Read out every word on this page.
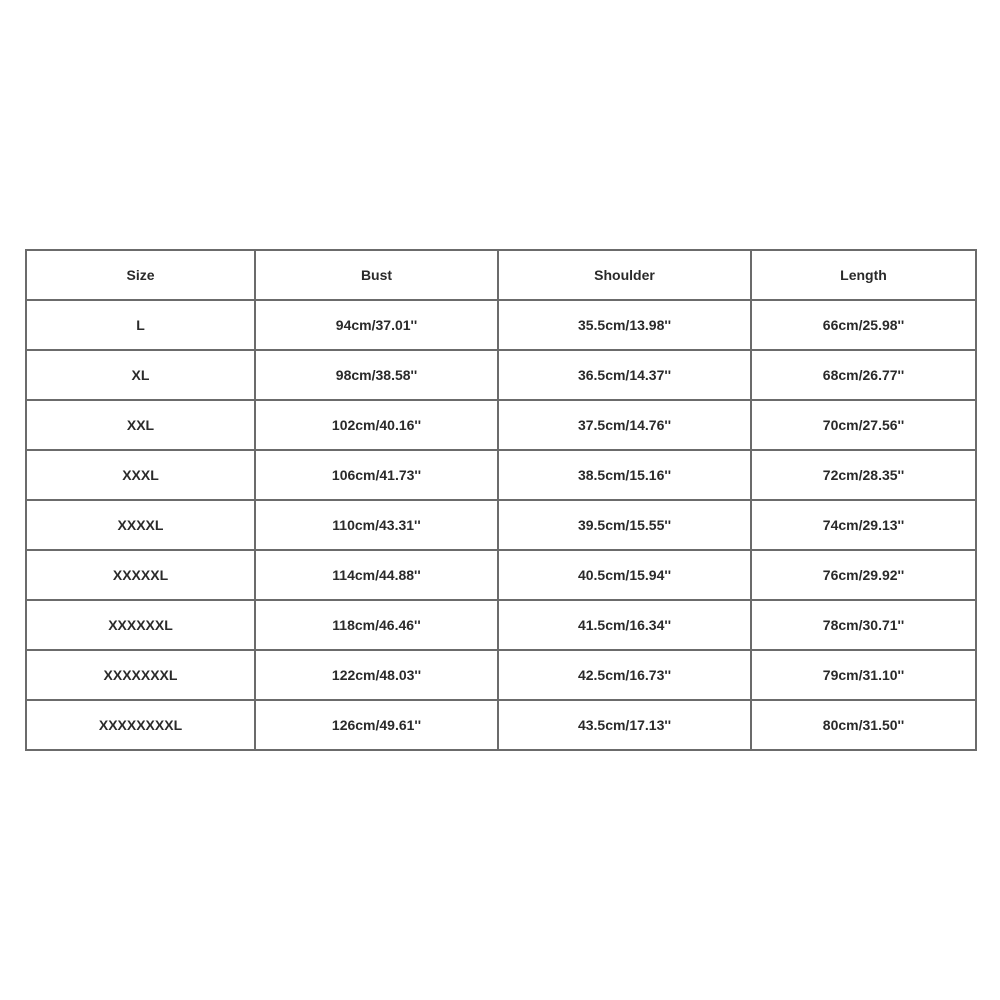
Size	Bust	Shoulder	Length
L	94cm/37.01''	35.5cm/13.98''	66cm/25.98''
XL	98cm/38.58''	36.5cm/14.37''	68cm/26.77''
XXL	102cm/40.16''	37.5cm/14.76''	70cm/27.56''
XXXL	106cm/41.73''	38.5cm/15.16''	72cm/28.35''
XXXXL	110cm/43.31''	39.5cm/15.55''	74cm/29.13''
XXXXXL	114cm/44.88''	40.5cm/15.94''	76cm/29.92''
XXXXXXL	118cm/46.46''	41.5cm/16.34''	78cm/30.71''
XXXXXXXL	122cm/48.03''	42.5cm/16.73''	79cm/31.10''
XXXXXXXXL	126cm/49.61''	43.5cm/17.13''	80cm/31.50''
